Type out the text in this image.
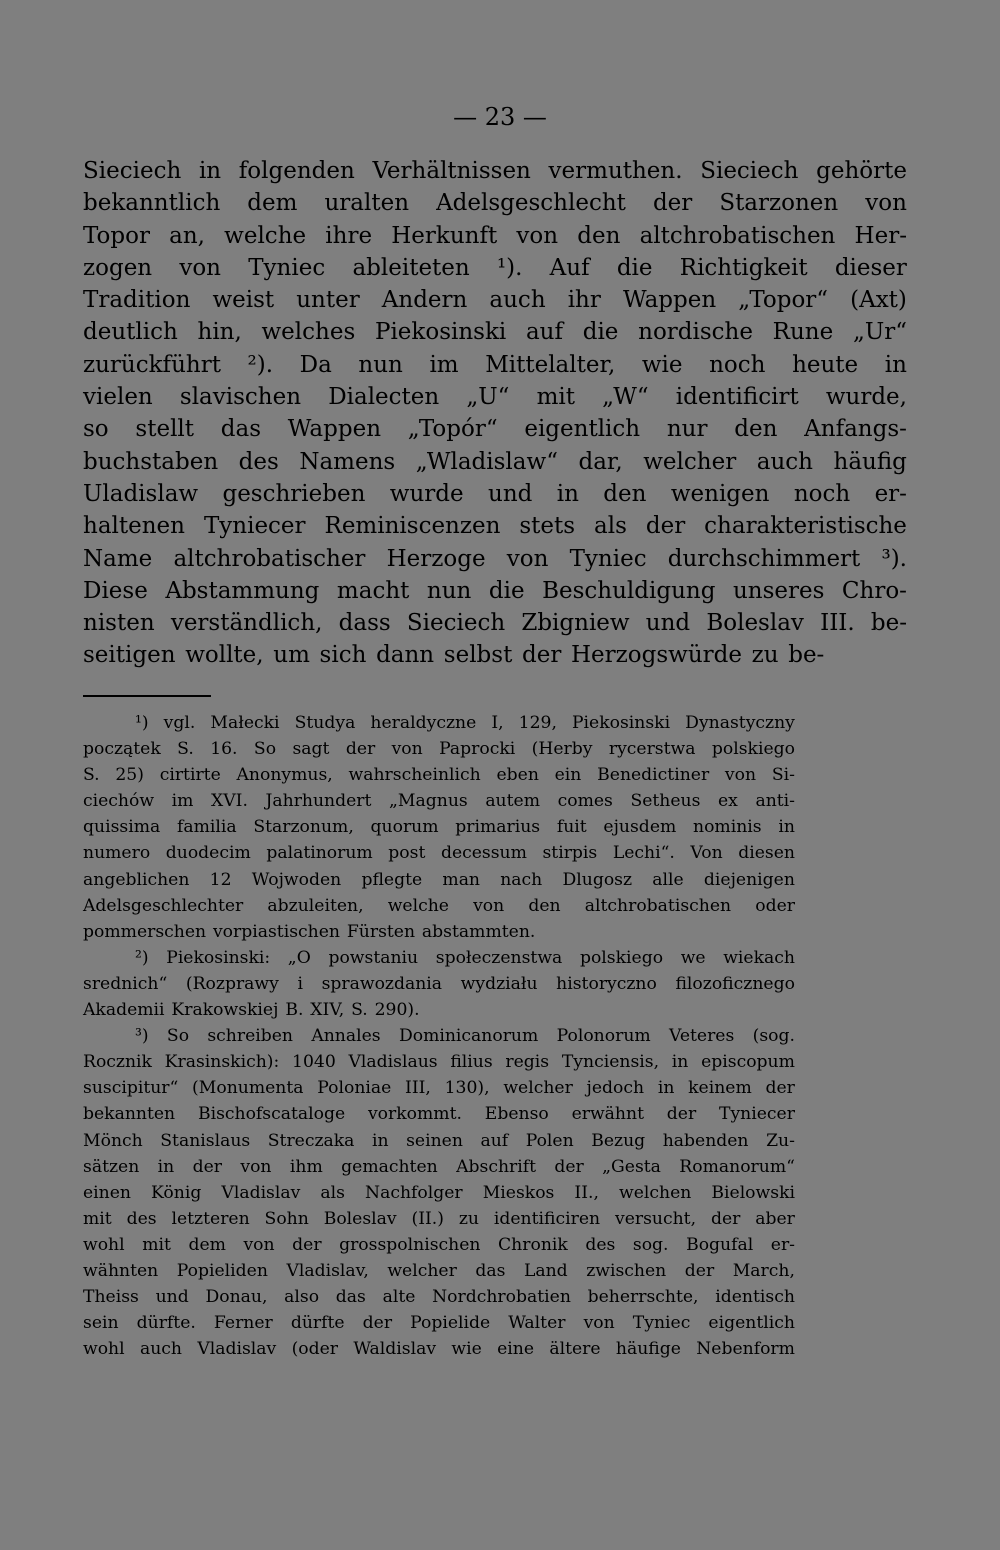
— 23 —
Sieciech in folgenden Verhältnissen vermuthen. Sieciech gehörte
bekanntlich dem uralten Adelsgeschlecht der Starzonen von
Topor an, welche ihre Herkunft von den altchrobatischen Her-
zogen von Tyniec ableiteten ¹). Auf die Richtigkeit dieser
Tradition weist unter Andern auch ihr Wappen „Topor“ (Axt)
deutlich hin, welches Piekosinski auf die nordische Rune „Ur“
zurückführt ²). Da nun im Mittelalter, wie noch heute in
vielen slavischen Dialecten „U“ mit „W“ identificirt wurde,
so stellt das Wappen „Topór“ eigentlich nur den Anfangs-
buchstaben des Namens „Wladislaw“ dar, welcher auch häufig
Uladislaw geschrieben wurde und in den wenigen noch er-
haltenen Tyniecer Reminiscenzen stets als der charakteristische
Name altchrobatischer Herzoge von Tyniec durchschimmert ³).
Diese Abstammung macht nun die Beschuldigung unseres Chro-
nisten verständlich, dass Sieciech Zbigniew und Boleslav III. be-
seitigen wollte, um sich dann selbst der Herzogswürde zu be-
¹) vgl. Małecki Studya heraldyczne I, 129, Piekosinski Dynastyczny
początek S. 16. So sagt der von Paprocki (Herby rycerstwa polskiego
S. 25) cirtirte Anonymus, wahrscheinlich eben ein Benedictiner von Si-
ciechów im XVI. Jahrhundert „Magnus autem comes Setheus ex anti-
quissima familia Starzonum, quorum primarius fuit ejusdem nominis in
numero duodecim palatinorum post decessum stirpis Lechi“. Von diesen
angeblichen 12 Wojwoden pflegte man nach Dlugosz alle diejenigen
Adelsgeschlechter abzuleiten, welche von den altchrobatischen oder
pommerschen vorpiastischen Fürsten abstammten.
²) Piekosinski: „O powstaniu społeczenstwa polskiego we wiekach
srednich“ (Rozprawy i sprawozdania wydziału historyczno filozoficznego
Akademii Krakowskiej B. XIV, S. 290).
³) So schreiben Annales Dominicanorum Polonorum Veteres (sog.
Rocznik Krasinskich): 1040 Vladislaus filius regis Tynciensis, in episcopum
suscipitur“ (Monumenta Poloniae III, 130), welcher jedoch in keinem der
bekannten Bischofscataloge vorkommt. Ebenso erwähnt der Tyniecer
Mönch Stanislaus Streczaka in seinen auf Polen Bezug habenden Zu-
sätzen in der von ihm gemachten Abschrift der „Gesta Romanorum“
einen König Vladislav als Nachfolger Mieskos II., welchen Bielowski
mit des letzteren Sohn Boleslav (II.) zu identificiren versucht, der aber
wohl mit dem von der grosspolnischen Chronik des sog. Bogufal er-
wähnten Popieliden Vladislav, welcher das Land zwischen der March,
Theiss und Donau, also das alte Nordchrobatien beherrschte, identisch
sein dürfte. Ferner dürfte der Popielide Walter von Tyniec eigentlich
wohl auch Vladislav (oder Waldislav wie eine ältere häufige Nebenform
